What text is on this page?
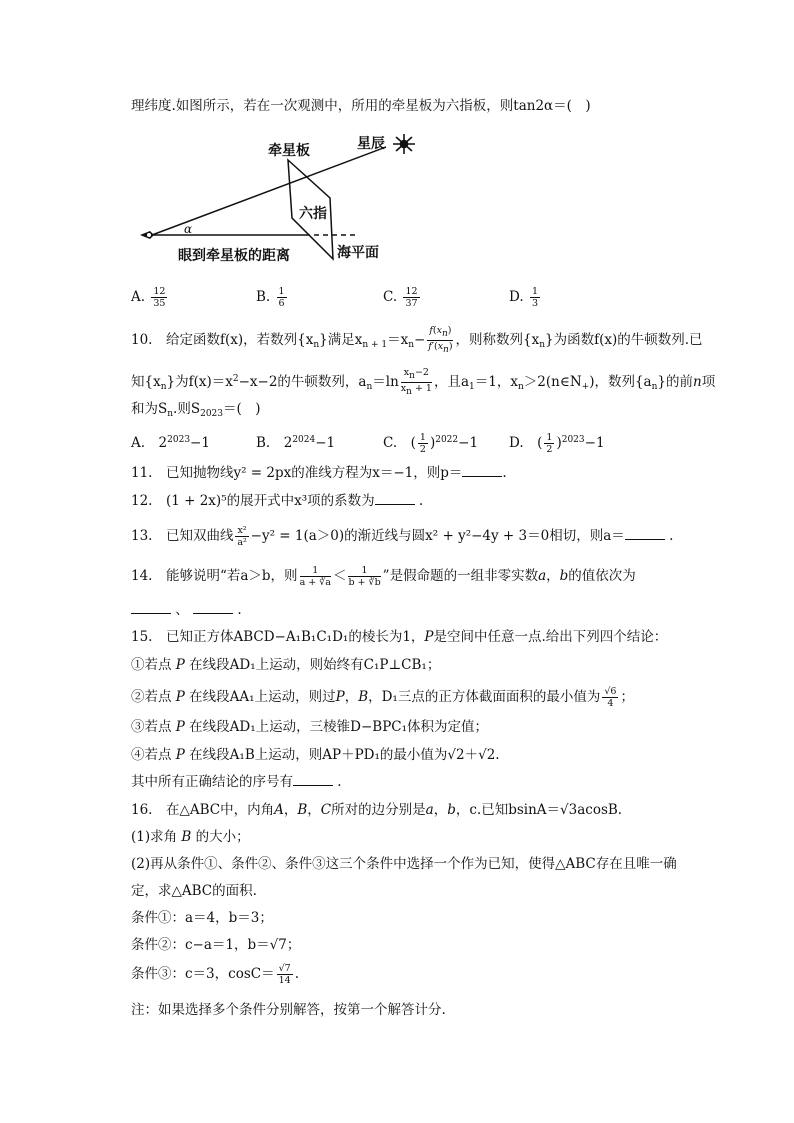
理纬度.如图所示，若在一次观测中，所用的牵星板为六指板，则tan2α＝(　)
牵星板	星辰
六指
α
眼到牵星板的距离	海平面
A. $\frac{12}{35}$	B. $\frac{1}{6}$	C. $\frac{12}{37}$	D. $\frac{1}{3}$
10.　给定函数f(x)，若数列$\{x_n\}$满足$x_{n + 1}=x_n- \frac{f(x_n)}{f'(x_n)}$ ，则称数列$\{x_n\}$为函数f(x)的牛顿数列.已
知$\{x_n\}$为$f(x)=x^2-x-2$的牛顿数列，$a_n=\ln \frac{x_n-2}{x_n + 1}$ ，且$a_1=1$，$x_n>2(n\in N_+)$，数列$\{a_n\}$的前n项
和为$S_n$.则$S_{2023}=$(　)
A.　$2^{2023}-1$	B.　$2^{2024}-1$	C.　( $\frac{1}{2} )^{2022}-1$ D.　( $\frac{1}{2} )^{2023}-1$
11.　已知抛物线y² = 2px的准线方程为x＝−1，则p＝	.
12.　(1 + 2x)⁵的展开式中x³项的系数为	.
13.　已知双曲线 $\frac{\text{x²}}{\text{a²}} -y^2 = 1(a>0)$的渐近线与圆x² + y²−4y + 3＝0相切，则a＝	.
14.　能够说明“若a＞b，则 $\frac{1}{a + ∛a} < \frac{1}{b + ∛b}$ ”是假命题的一组非零实数a，b的值依次为
、	.
15.　已知正方体ABCD−A₁B₁C₁D₁的棱长为1，P是空间中任意一点.给出下列四个结论：
①若点 P 在线段AD₁上运动，则始终有C₁P⊥CB₁；
②若点 P 在线段AA₁上运动，则过P，B，D₁三点的正方体截面面积的最小值为 $\frac{√6}{4}$ ；
③若点 P 在线段AD₁上运动，三棱锥D−BPC₁体积为定值；
④若点 P 在线段A₁B上运动，则AP＋PD₁的最小值为√2＋√2.
其中所有正确结论的序号有	.
16.　在△ABC中，内角A，B，C所对的边分别是a，b，c.已知bsinA＝√3acosB.
(1)求角 B 的大小；
(2)再从条件①、条件②、条件③这三个条件中选择一个作为已知，使得△ABC存在且唯一确
定，求△ABC的面积.
条件①：a＝4，b＝3；
条件②：c−a＝1，b＝√7；
条件③：c＝3，$\cos C= \frac{√7}{14}$ .
注：如果选择多个条件分别解答，按第一个解答计分.
